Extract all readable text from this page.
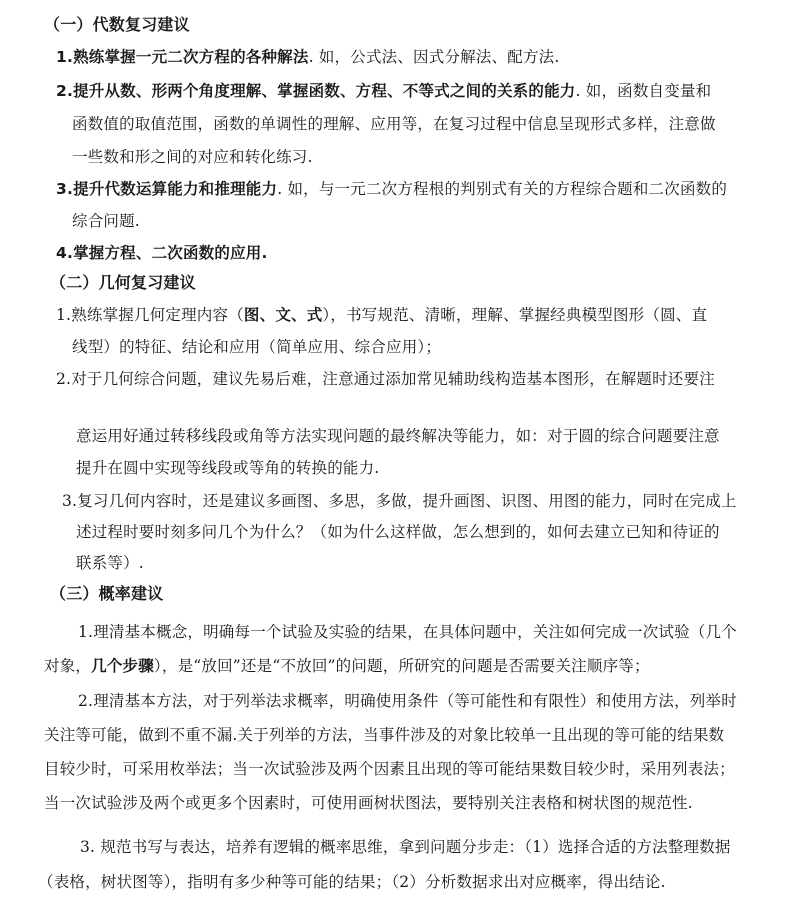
（一）代数复习建议
1.熟练掌握一元二次方程的各种解法. 如，公式法、因式分解法、配方法.
2.提升从数、形两个角度理解、掌握函数、方程、不等式之间的关系的能力. 如，函数自变量和
函数值的取值范围，函数的单调性的理解、应用等，在复习过程中信息呈现形式多样，注意做
一些数和形之间的对应和转化练习.
3.提升代数运算能力和推理能力. 如，与一元二次方程根的判别式有关的方程综合题和二次函数的
综合问题.
4.掌握方程、二次函数的应用.
（二）几何复习建议
1.熟练掌握几何定理内容（图、文、式），书写规范、清晰，理解、掌握经典模型图形（圆、直
线型）的特征、结论和应用（简单应用、综合应用）；
2.对于几何综合问题，建议先易后难，注意通过添加常见辅助线构造基本图形，在解题时还要注
意运用好通过转移线段或角等方法实现问题的最终解决等能力，如：对于圆的综合问题要注意
提升在圆中实现等线段或等角的转换的能力.
3.复习几何内容时，还是建议多画图、多思，多做，提升画图、识图、用图的能力，同时在完成上
述过程时要时刻多问几个为什么？（如为什么这样做，怎么想到的，如何去建立已知和待证的
联系等）.
（三）概率建议
1.理清基本概念，明确每一个试验及实验的结果，在具体问题中，关注如何完成一次试验（几个
对象，几个步骤），是“放回”还是“不放回”的问题，所研究的问题是否需要关注顺序等；
2.理清基本方法，对于列举法求概率，明确使用条件（等可能性和有限性）和使用方法，列举时
关注等可能，做到不重不漏.关于列举的方法，当事件涉及的对象比较单一且出现的等可能的结果数
目较少时，可采用枚举法；当一次试验涉及两个因素且出现的等可能结果数目较少时，采用列表法；
当一次试验涉及两个或更多个因素时，可使用画树状图法，要特别关注表格和树状图的规范性.
3. 规范书写与表达，培养有逻辑的概率思维，拿到问题分步走：（1）选择合适的方法整理数据
（表格，树状图等），指明有多少种等可能的结果；（2）分析数据求出对应概率，得出结论.
